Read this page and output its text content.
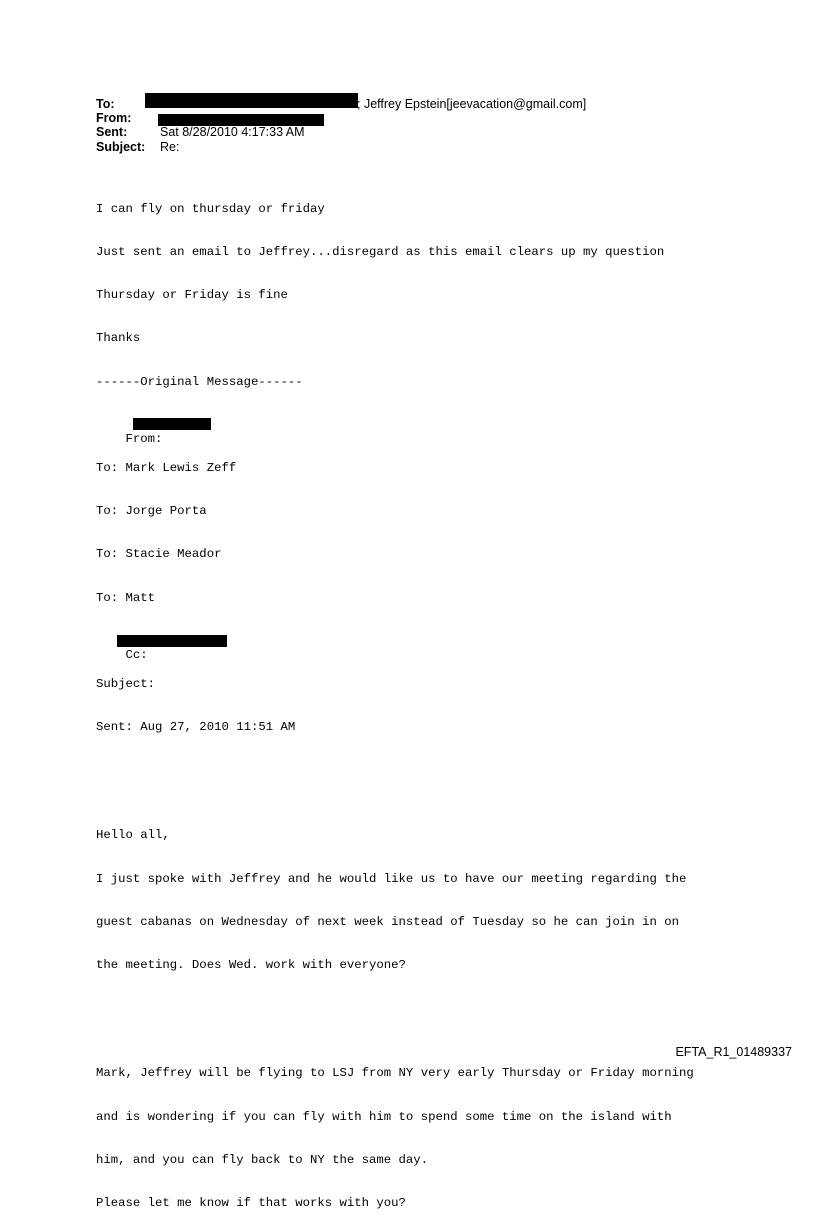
To:	; Jeffrey Epstein[jeevacation@gmail.com]
From:
Sent:	Sat 8/28/2010 4:17:33 AM
Subject: Re:

I can fly on thursday or friday

Just sent an email to Jeffrey...disregard as this email clears up my question

Thursday or Friday is fine

Thanks

------Original Message------

From:

To: Mark Lewis Zeff

To: Jorge Porta

To: Stacie Meador

To: Matt

Cc:

Subject:

Sent: Aug 27, 2010 11:51 AM

Hello all,

I just spoke with Jeffrey and he would like us to have our meeting regarding the

guest cabanas on Wednesday of next week instead of Tuesday so he can join in on

the meeting. Does Wed. work with everyone?

Mark, Jeffrey will be flying to LSJ from NY very early Thursday or Friday morning

and is wondering if you can fly with him to spend some time on the island with

him, and you can fly back to NY the same day.

Please let me know if that works with you?

EFTA_R1_01489337
